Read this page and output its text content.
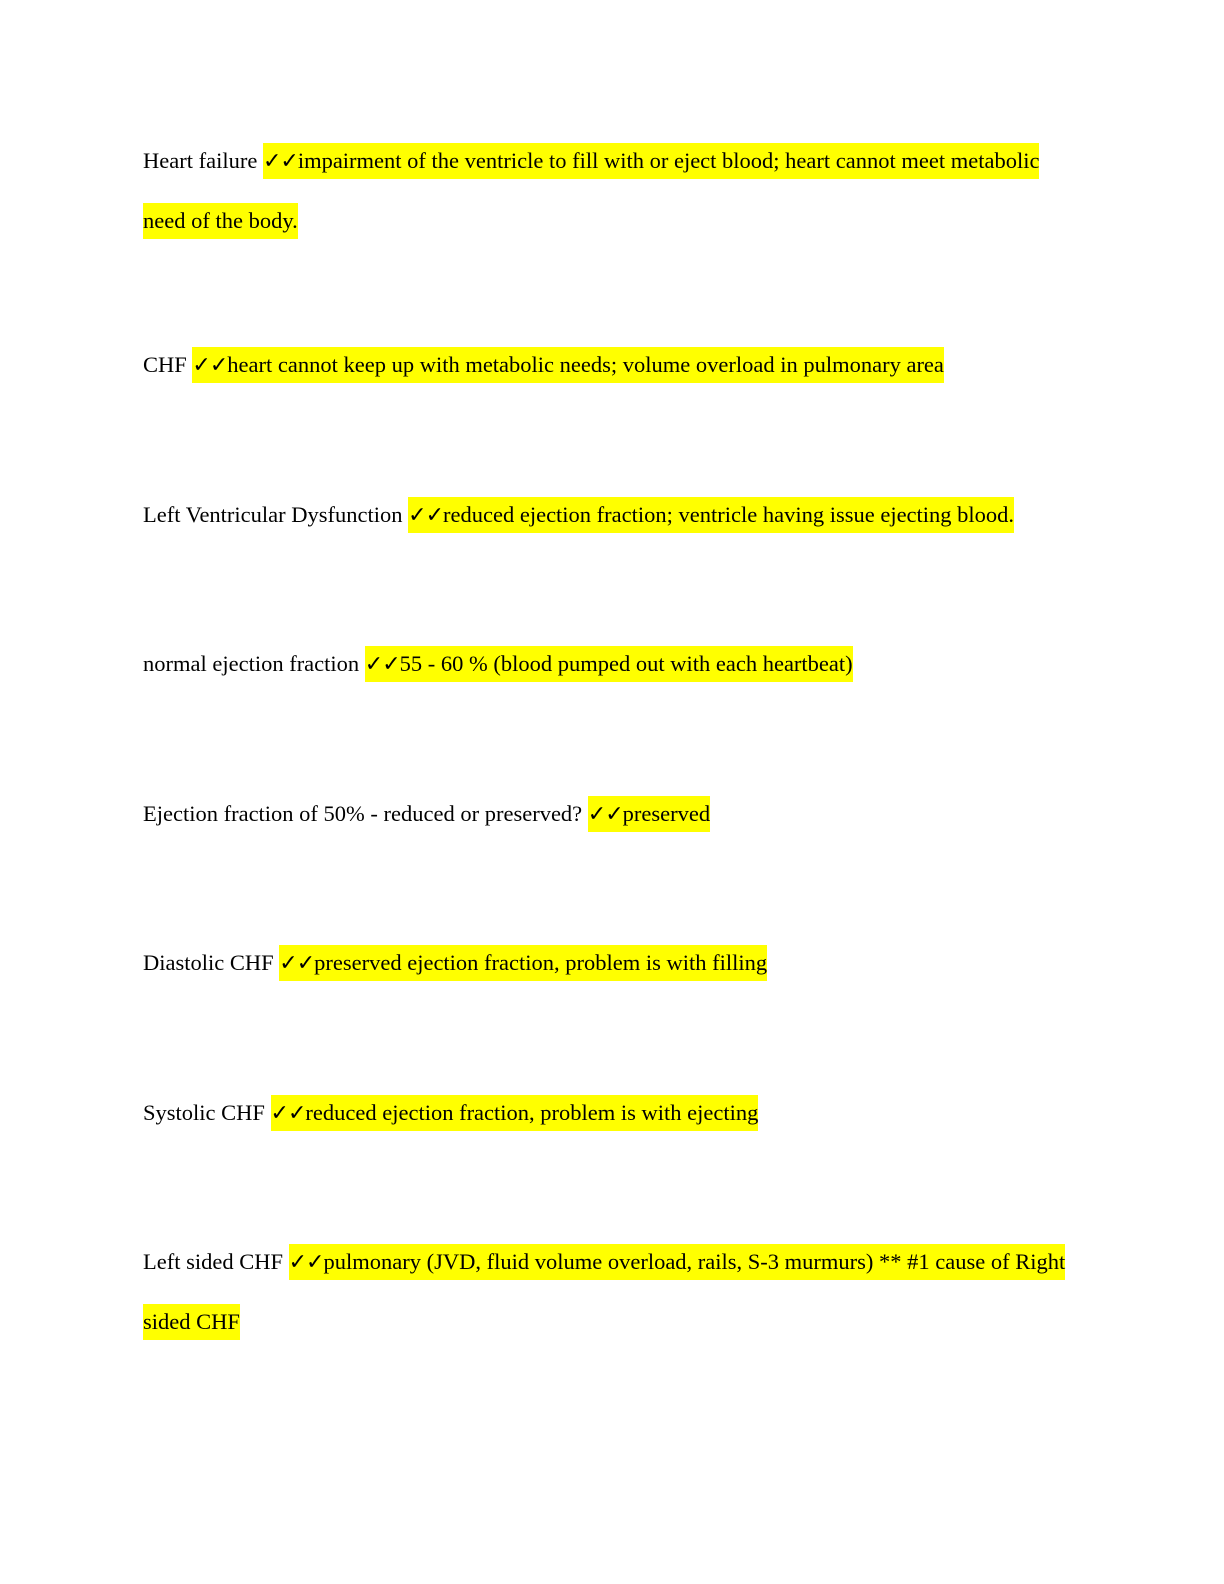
Heart failure ✓✓impairment of the ventricle to fill with or eject blood; heart cannot meet metabolic need of the body.
CHF ✓✓heart cannot keep up with metabolic needs; volume overload in pulmonary area
Left Ventricular Dysfunction ✓✓reduced ejection fraction; ventricle having issue ejecting blood.
normal ejection fraction ✓✓55 - 60 % (blood pumped out with each heartbeat)
Ejection fraction of 50% - reduced or preserved? ✓✓preserved
Diastolic CHF ✓✓preserved ejection fraction, problem is with filling
Systolic CHF ✓✓reduced ejection fraction, problem is with ejecting
Left sided CHF ✓✓pulmonary (JVD, fluid volume overload, rails, S-3 murmurs) ** #1 cause of Right sided CHF
